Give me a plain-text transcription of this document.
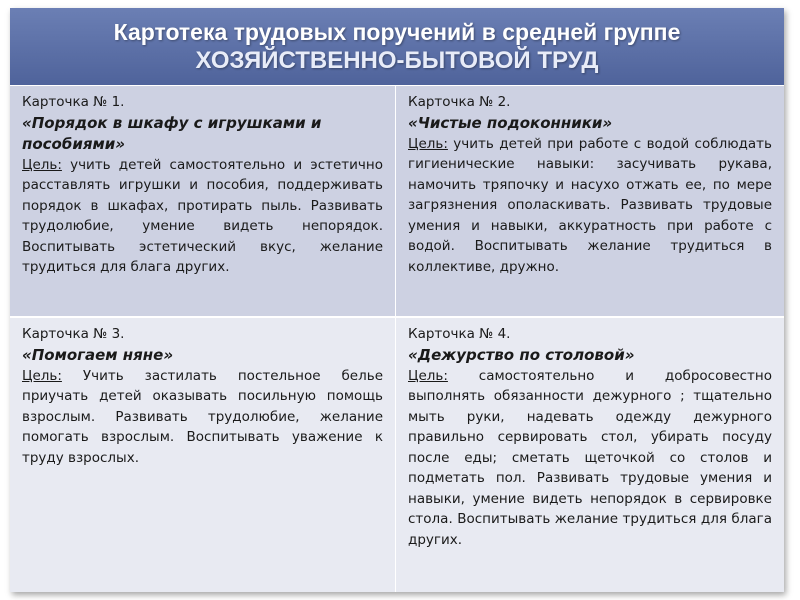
Картотека трудовых поручений в средней группе
ХОЗЯЙСТВЕННО-БЫТОВОЙ ТРУД
Карточка № 1.
«Порядок в шкафу с игрушками и пособиями»
Цель: учить детей самостоятельно и эстетично расставлять игрушки и пособия, поддерживать порядок в шкафах, протирать пыль. Развивать трудолюбие, умение видеть непорядок. Воспитывать эстетический вкус, желание трудиться для блага других.
Карточка № 2.
«Чистые подоконники»
Цель: учить детей при работе с водой соблюдать гигиенические навыки: засучивать рукава, намочить тряпочку и насухо отжать ее, по мере загрязнения ополаскивать. Развивать трудовые умения и навыки, аккуратность при работе с водой. Воспитывать желание трудиться в коллективе, дружно.
Карточка № 3.
«Помогаем няне»
Цель: Учить застилать постельное белье приучать детей оказывать посильную помощь взрослым. Развивать трудолюбие, желание помогать взрослым. Воспитывать уважение к труду взрослых.
Карточка № 4.
«Дежурство по столовой»
Цель: самостоятельно и добросовестно выполнять обязанности дежурного ; тщательно мыть руки, надевать одежду дежурного правильно сервировать стол, убирать посуду после еды; сметать щеточкой со столов и подметать пол. Развивать трудовые умения и навыки, умение видеть непорядок в сервировке стола. Воспитывать желание трудиться для блага других.
